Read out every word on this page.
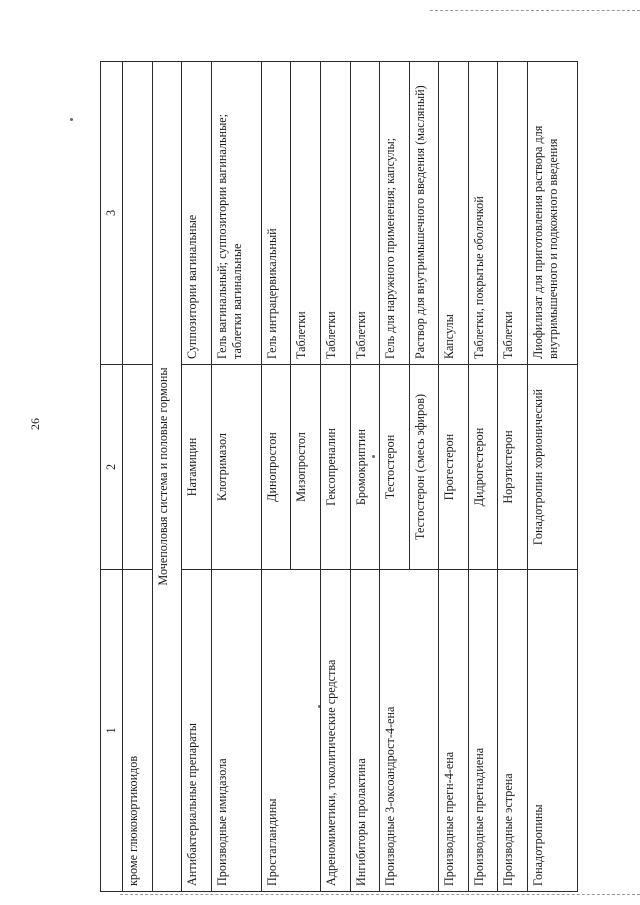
26
1	2	3
кроме глюкокортикоидов		
Мочеполовая система и половые гормоны		
Антибактериальные препараты	Натамицин	Суппозитории вагинальные
Производные имидазола	Клотримазол	Гель вагинальный; суппозитории вагинальные; таблетки вагинальные
Простагландины	Динопростон	Гель интрацервикальный
	Мизопростол	Таблетки
Адреномиметики, токолитические средства	Гексопреналин	Таблетки
Ингибиторы пролактина	Бромокриптин	Таблетки
Производные 3-оксоандрост-4-ена	Тестостерон	Гель для наружного применения; капсулы;
	Тестостерон (смесь эфиров)	Раствор для внутримышечного введения (масляный)
Производные прегн-4-ена	Прогестерон	Капсулы
Производные прегнадиена	Дидрогестерон	Таблетки, покрытые оболочкой
Производные эстрена	Норэтистерон	Таблетки
Гонадотропины	Гонадотропин хорионический	Лиофилизат для приготовления раствора для внутримышечного и подкожного введения
